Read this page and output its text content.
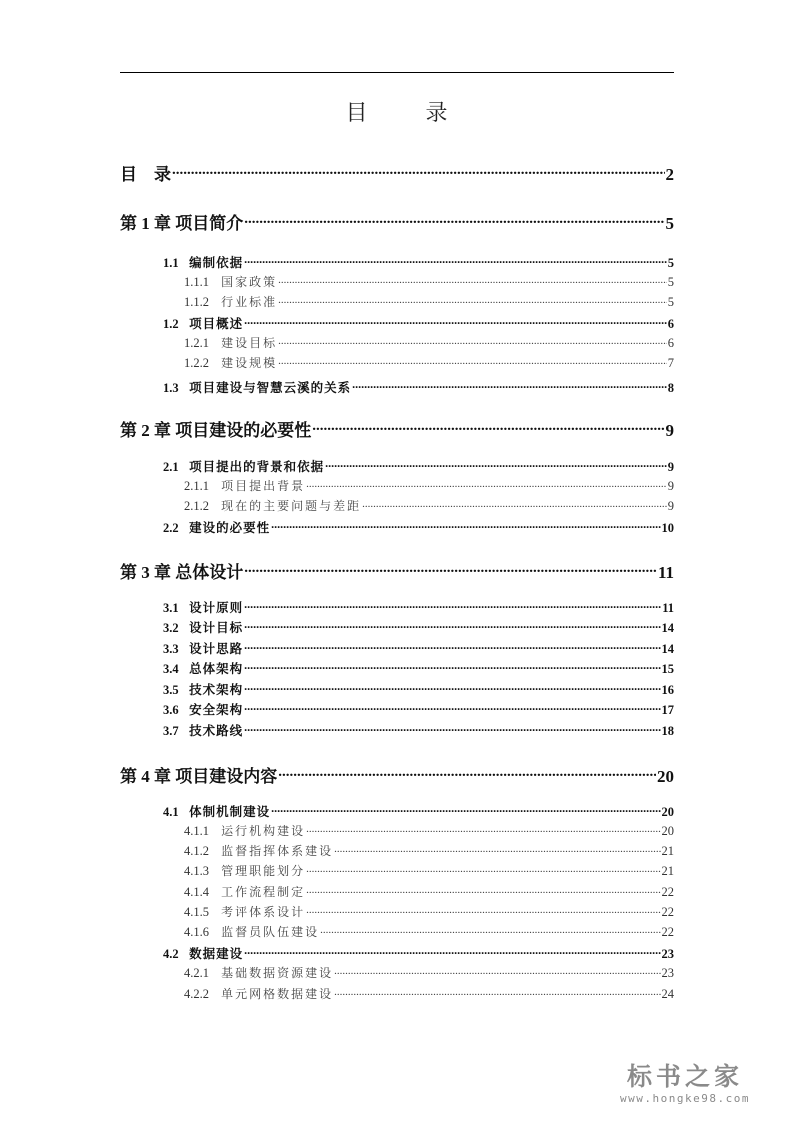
目　录
目　录 .....	2
第 1 章 项目简介 .....	5
1.1 编制依据 .....	5
1.1.1 国家政策 .....	5
1.1.2 行业标准 .....	5
1.2 项目概述 .....	6
1.2.1 建设目标 .....	6
1.2.2 建设规模 .....	7
1.3 项目建设与智慧云溪的关系 .....	8
第 2 章 项目建设的必要性 .....	9
2.1 项目提出的背景和依据 .....	9
2.1.1 项目提出背景 .....	9
2.1.2 现在的主要问题与差距 .....	9
2.2 建设的必要性 .....	10
第 3 章 总体设计 .....	11
3.1 设计原则 .....	11
3.2 设计目标 .....	14
3.3 设计思路 .....	14
3.4 总体架构 .....	15
3.5 技术架构 .....	16
3.6 安全架构 .....	17
3.7 技术路线 .....	18
第 4 章 项目建设内容 .....	20
4.1 体制机制建设 .....	20
4.1.1 运行机构建设 .....	20
4.1.2 监督指挥体系建设 .....	21
4.1.3 管理职能划分 .....	21
4.1.4 工作流程制定 .....	22
4.1.5 考评体系设计 .....	22
4.1.6 监督员队伍建设 .....	22
4.2 数据建设 .....	23
4.2.1 基础数据资源建设 .....	23
4.2.2 单元网格数据建设 .....	24
标书之家
www.hongke98.com
